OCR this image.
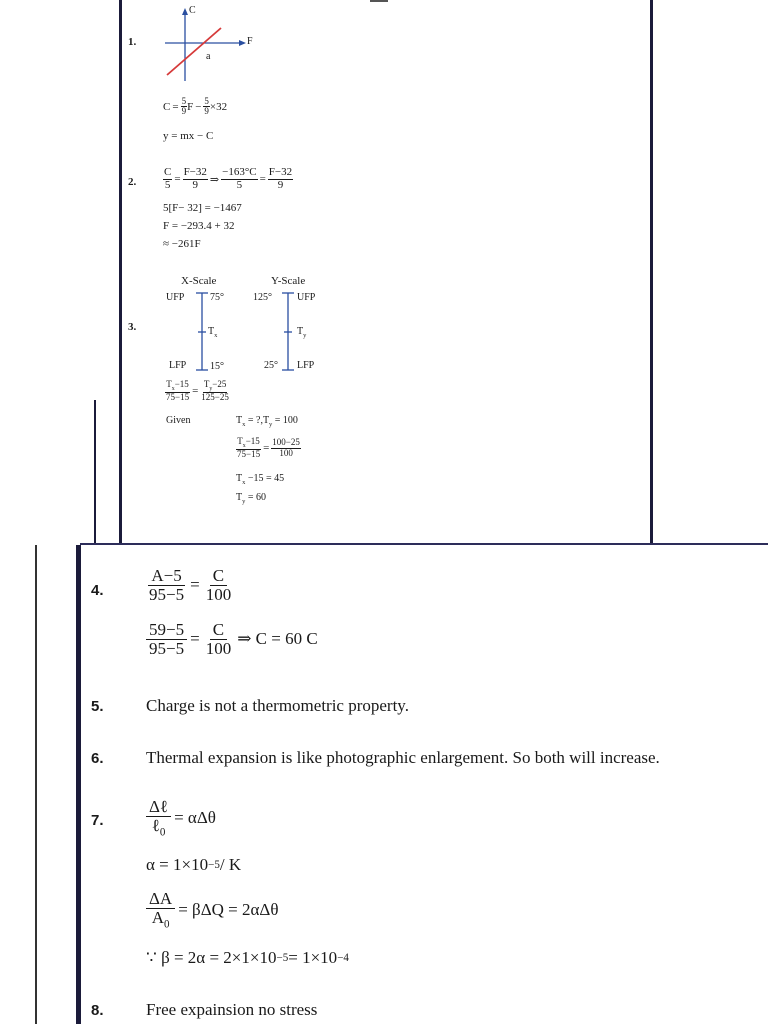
1.
C
F
a
$C = \frac{5}{9}$ $F - \frac{5}{9} \times 32$
y = mx − C
2. $\frac{C}{5} = \frac{F-32}{9}$ ⇒ $\frac{-163^\circ C}{5} = \frac{F-32}{9}$
5[F− 32] = −1467
F = −293.4 + 32
≈ −261F
3.
X-Scale	Y-Scale
UFP	75°
$T_x$
LFP 15°
125°	UFP
$T_y$
25° LFP
$\frac{T_x-15}{75-15} = \frac{T_y-25}{125-25}$
Given	$T_x$ = $?,T_y = 100$
$\frac{T_x-15}{75-15} = \frac{100-25}{100}$
$T_x -15 = 45$
$T_y = 60$
4. $\frac{A-5}{95-5} = \frac{C}{100}$
$\frac{59-5}{95-5} = \frac{C}{100}$ ⇒ C = 60 C
5. Charge is not a thermometric property.
6. Thermal expansion is like photographic enlargement. So both will increase.
7. $\frac{\text{Δℓ}}{\ell_0} = \alpha\Delta\theta$
α = 1×10 −5 / K
$\frac{\Delta A}{A_0} = \beta\Delta Q = 2\alpha\Delta\theta$
∵ β = 2α = 2×1×10 −5 = 1×10 −4
8. Free expainsion no stress
